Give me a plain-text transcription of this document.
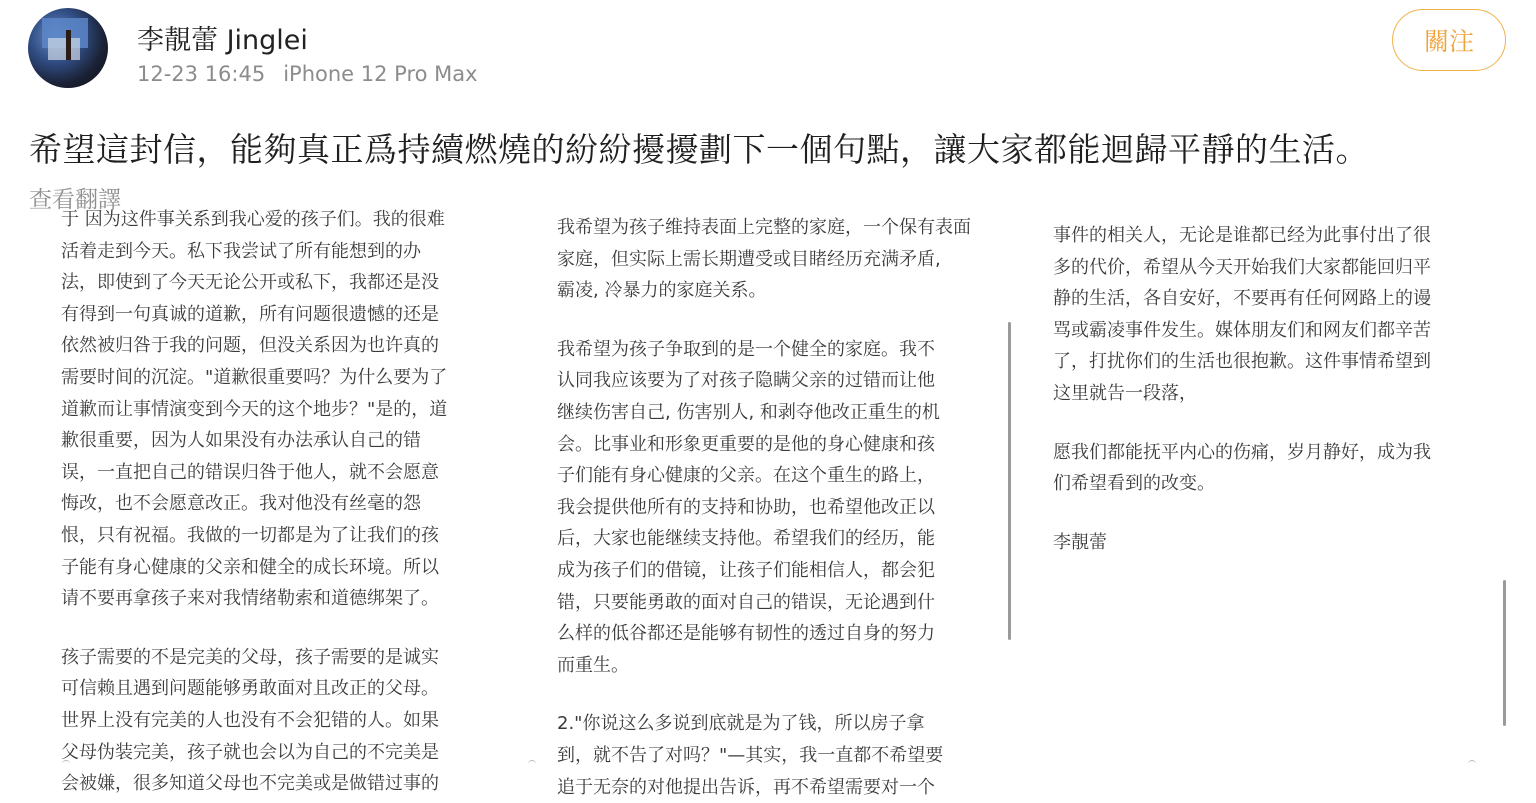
李靚蕾 Jinglei
12-23 16:45 iPhone 12 Pro Max
關注
希望這封信，能夠真正爲持續燃燒的紛紛擾擾劃下一個句點，讓大家都能迴歸平靜的生活。
查看翻譯

于 因为这件事关系到我心爱的孩子们。我的很难
活着走到今天。私下我尝试了所有能想到的办
法，即使到了今天无论公开或私下，我都还是没
有得到一句真诚的道歉，所有问题很遗憾的还是
依然被归咎于我的问题，但没关系因为也许真的
需要时间的沉淀。"道歉很重要吗？为什么要为了
道歉而让事情演变到今天的这个地步？"是的，道
歉很重要，因为人如果没有办法承认自己的错
误，一直把自己的错误归咎于他人，就不会愿意
悔改，也不会愿意改正。我对他没有丝毫的怨
恨，只有祝福。我做的一切都是为了让我们的孩
子能有身心健康的父亲和健全的成长环境。所以
请不要再拿孩子来对我情绪勒索和道德绑架了。

孩子需要的不是完美的父母，孩子需要的是诚实
可信赖且遇到问题能够勇敢面对且改正的父母。
世界上没有完美的人也没有不会犯错的人。如果
父母伪装完美，孩子就也会以为自己的不完美是
会被嫌，很多知道父母也不完美或是做错过事的

我希望为孩子维持表面上完整的家庭，一个保有表面
家庭，但实际上需长期遭受或目睹经历充满矛盾,
霸凌, 冷暴力的家庭关系。

我希望为孩子争取到的是一个健全的家庭。我不
认同我应该要为了对孩子隐瞒父亲的过错而让他
继续伤害自己, 伤害别人, 和剥夺他改正重生的机
会。比事业和形象更重要的是他的身心健康和孩
子们能有身心健康的父亲。在这个重生的路上，
我会提供他所有的支持和协助，也希望他改正以
后，大家也能继续支持他。希望我们的经历，能
成为孩子们的借镜，让孩子们能相信人，都会犯
错，只要能勇敢的面对自己的错误，无论遇到什
么样的低谷都还是能够有韧性的透过自身的努力
而重生。

2."你说这么多说到底就是为了钱，所以房子拿
到，就不告了对吗？"—其实，我一直都不希望要
追于无奈的对他提出告诉，再不希望需要对一个

事件的相关人，无论是谁都已经为此事付出了很
多的代价，希望从今天开始我们大家都能回归平
静的生活，各自安好，不要再有任何网路上的谩
骂或霸凌事件发生。媒体朋友们和网友们都辛苦
了，打扰你们的生活也很抱歉。这件事情希望到
这里就告一段落，

愿我们都能抚平内心的伤痛，岁月静好，成为我
们希望看到的改变。

李靚蕾
